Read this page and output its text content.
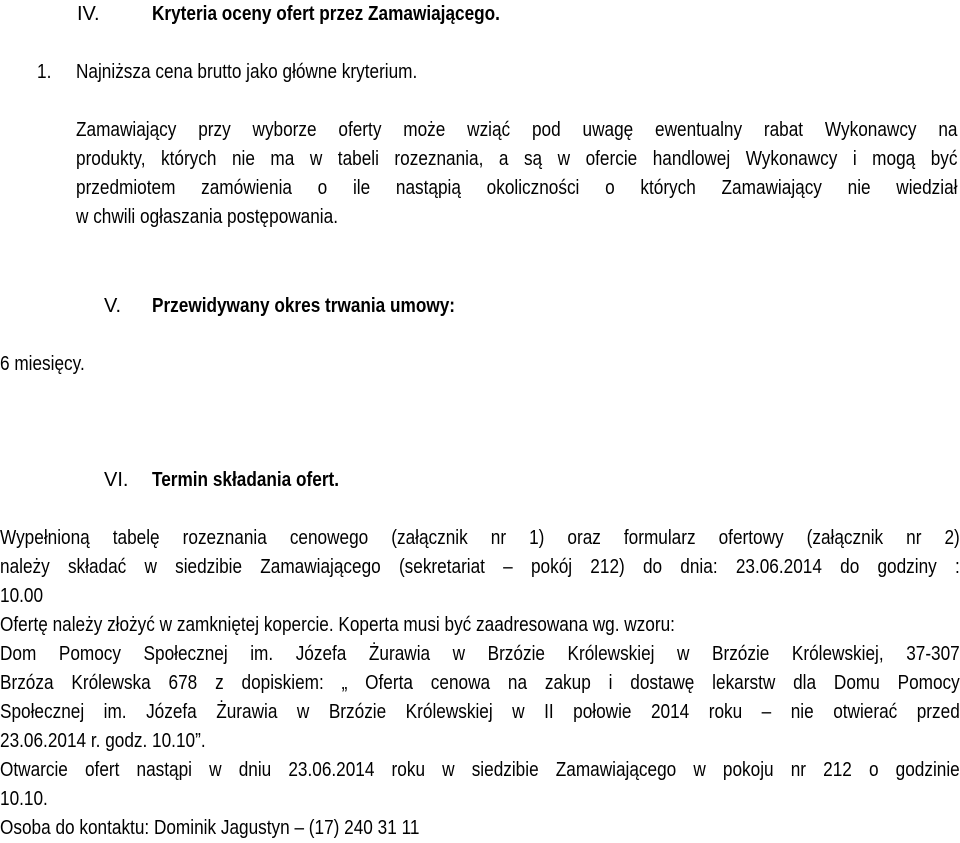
IV.	Kryteria oceny ofert przez Zamawiającego.
1. Najniższa cena brutto jako główne kryterium.
Zamawiający przy wyborze oferty może wziąć pod uwagę ewentualny rabat Wykonawcy na
produkty, których nie ma w tabeli rozeznania, a są w ofercie handlowej Wykonawcy i mogą być
przedmiotem zamówienia o ile nastąpią okoliczności o których Zamawiający nie wiedział
w chwili ogłaszania postępowania.
V. Przewidywany okres trwania umowy:
6 miesięcy.
VI. Termin składania ofert.
Wypełnioną tabelę rozeznania cenowego (załącznik nr 1) oraz formularz ofertowy (załącznik nr 2)
należy składać w siedzibie Zamawiającego (sekretariat – pokój 212) do dnia: 23.06.2014 do godziny :
10.00
Ofertę należy złożyć w zamkniętej kopercie. Koperta musi być zaadresowana wg. wzoru:
Dom Pomocy Społecznej im. Józefa Żurawia w Brzózie Królewskiej w Brzózie Królewskiej, 37-307
Brzóza Królewska 678 z dopiskiem: „ Oferta cenowa na zakup i dostawę lekarstw dla Domu Pomocy
Społecznej im. Józefa Żurawia w Brzózie Królewskiej w II połowie 2014 roku – nie otwierać przed
23.06.2014 r. godz. 10.10”.
Otwarcie ofert nastąpi w dniu 23.06.2014 roku w siedzibie Zamawiającego w pokoju nr 212 o godzinie
10.10.
Osoba do kontaktu: Dominik Jagustyn – (17) 240 31 11
